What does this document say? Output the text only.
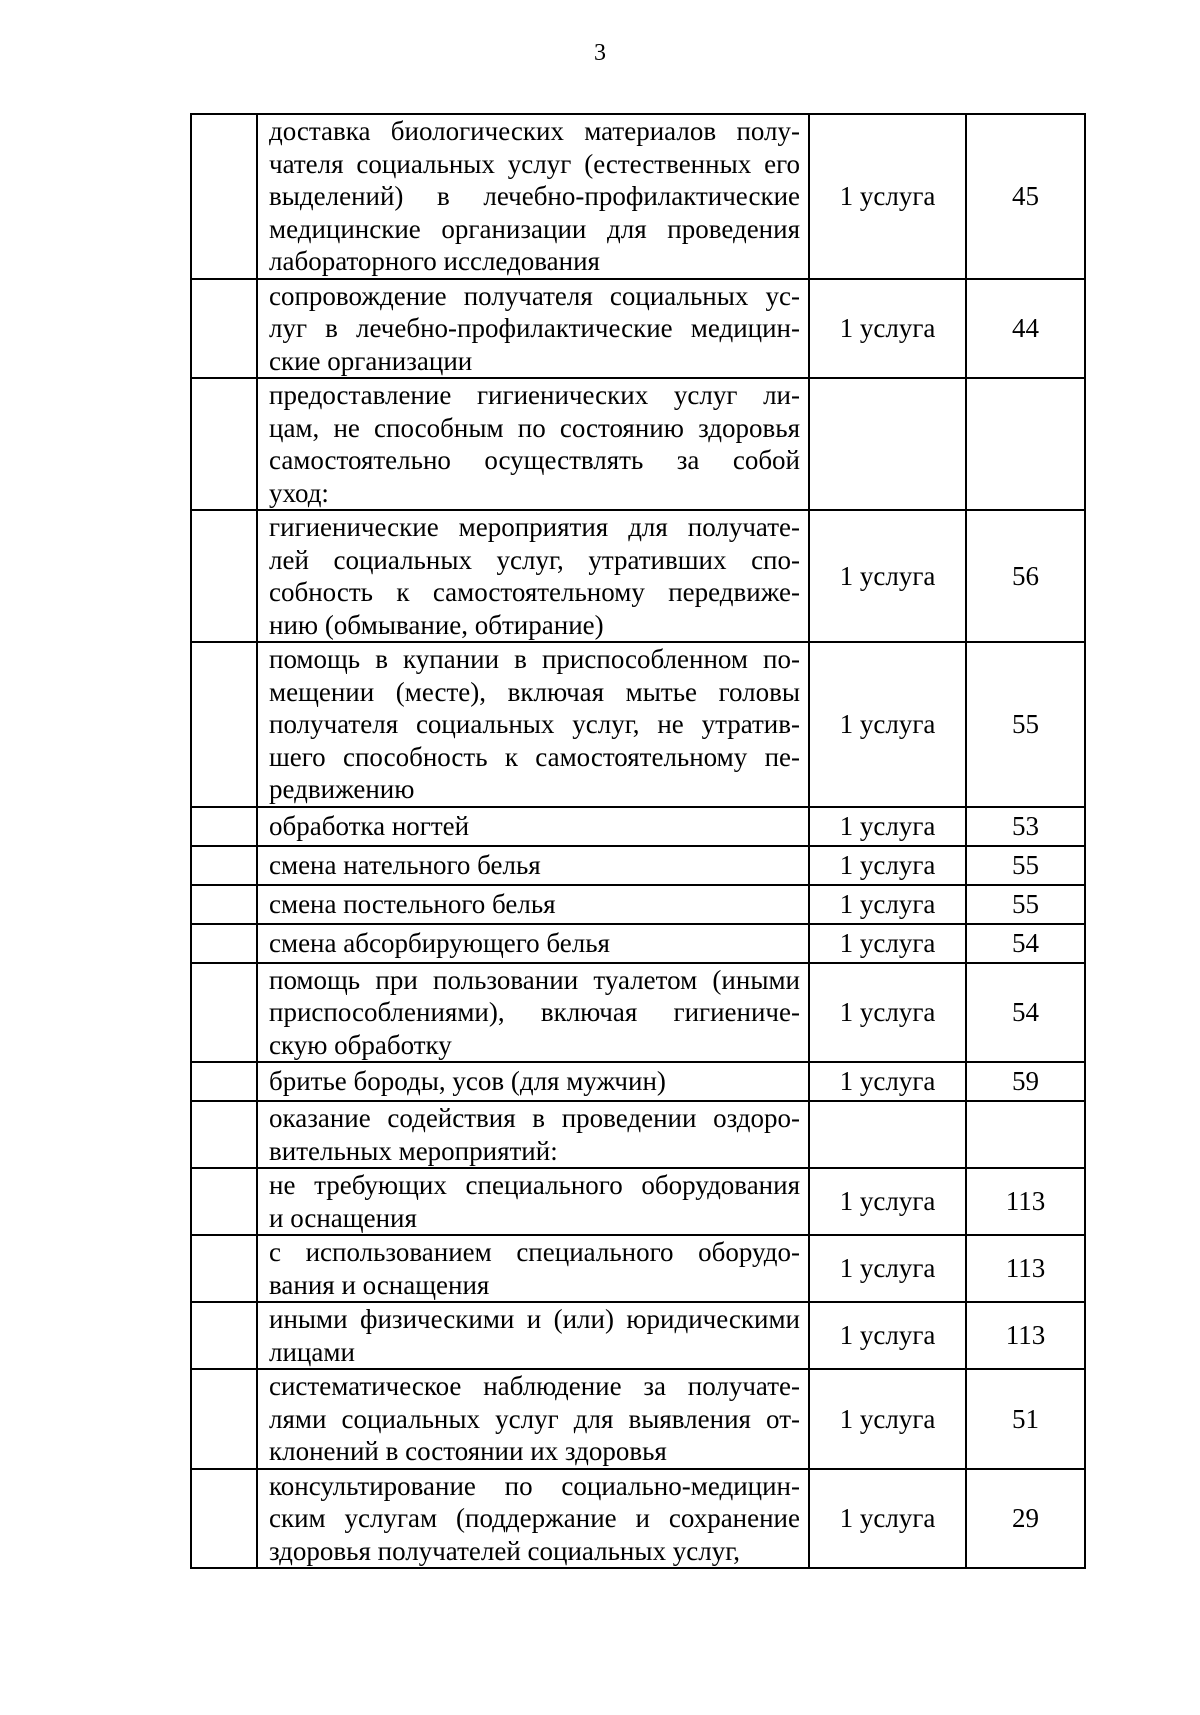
3

	доставка биологических материалов полу-
чателя социальных услуг (естественных его
выделений) в лечебно-профилактические
медицинские организации для проведения
лабораторного исследования	1 услуга	45

	сопровождение получателя социальных ус-
луг в лечебно-профилактические медицин-
ские организации	1 услуга	44

	предоставление гигиенических услуг ли-
цам, не способным по состоянию здоровья
самостоятельно осуществлять за собой
уход:		

	гигиенические мероприятия для получате-
лей социальных услуг, утративших спо-
собность к самостоятельному передвиже-
нию (обмывание, обтирание)	1 услуга	56

	помощь в купании в приспособленном по-
мещении (месте), включая мытье головы
получателя социальных услуг, не утратив-
шего способность к самостоятельному пе-
редвижению	1 услуга	55

	обработка ногтей	1 услуга	53

	смена нательного белья	1 услуга	55

	смена постельного белья	1 услуга	55

	смена абсорбирующего белья	1 услуга	54

	помощь при пользовании туалетом (иными
приспособлениями), включая гигиениче-
скую обработку	1 услуга	54

	бритье бороды, усов (для мужчин)	1 услуга	59

	оказание содействия в проведении оздоро-
вительных мероприятий:		

	не требующих специального оборудования
и оснащения	1 услуга	113

	с использованием специального оборудо-
вания и оснащения	1 услуга	113

	иными физическими и (или) юридическими
лицами	1 услуга	113

	систематическое наблюдение за получате-
лями социальных услуг для выявления от-
клонений в состоянии их здоровья	1 услуга	51

	консультирование по социально-медицин-
ским услугам (поддержание и сохранение
здоровья получателей социальных услуг,	1 услуга	29
